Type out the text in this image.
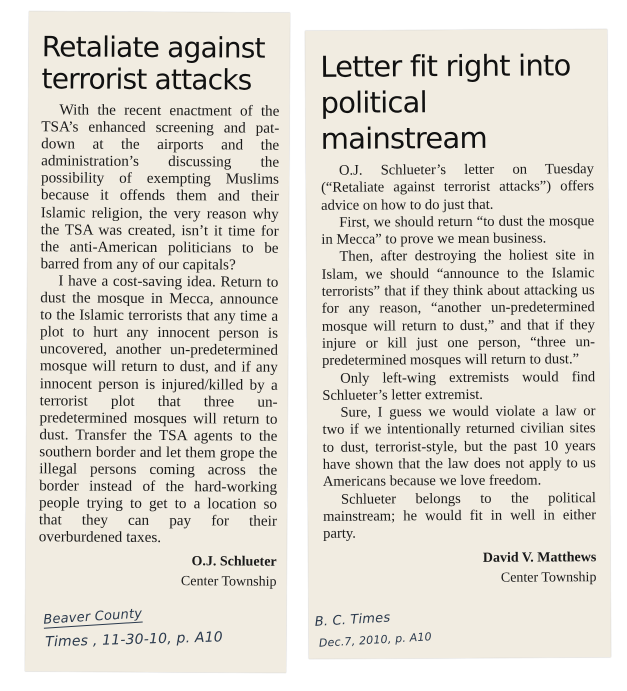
Retaliate against terrorist attacks

With the recent enactment of the TSA’s enhanced screening and pat-down at the airports and the administration’s discussing the possibility of exempting Muslims because it offends them and their Islamic religion, the very reason why the TSA was created, isn’t it time for the anti-American politicians to be barred from any of our capitals?

I have a cost-saving idea. Return to dust the mosque in Mecca, announce to the Islamic terrorists that any time a plot to hurt any innocent person is uncovered, another un-predetermined mosque will return to dust, and if any innocent person is injured/killed by a terrorist plot that three un-predetermined mosques will return to dust. Transfer the TSA agents to the southern border and let them grope the illegal persons coming across the border instead of the hard-working people trying to get to a location so that they can pay for their overburdened taxes.

O.J. Schlueter
Center Township
Beaver County
Times , 11-30-10, p. A10
Letter fit right into political mainstream

O.J. Schlueter’s letter on Tuesday (“Retaliate against terrorist attacks”) offers advice on how to do just that.

First, we should return “to dust the mosque in Mecca” to prove we mean business.

Then, after destroying the holiest site in Islam, we should “announce to the Islamic terrorists” that if they think about attacking us for any reason, “another un-predetermined mosque will return to dust,” and that if they injure or kill just one person, “three un-predetermined mosques will return to dust.”

Only left-wing extremists would find Schlueter’s letter extremist.

Sure, I guess we would violate a law or two if we intentionally returned civilian sites to dust, terrorist-style, but the past 10 years have shown that the law does not apply to us Americans because we love freedom.

Schlueter belongs to the political mainstream; he would fit in well in either party.

David V. Matthews
Center Township
B. C. Times
Dec.7, 2010, p. A10
